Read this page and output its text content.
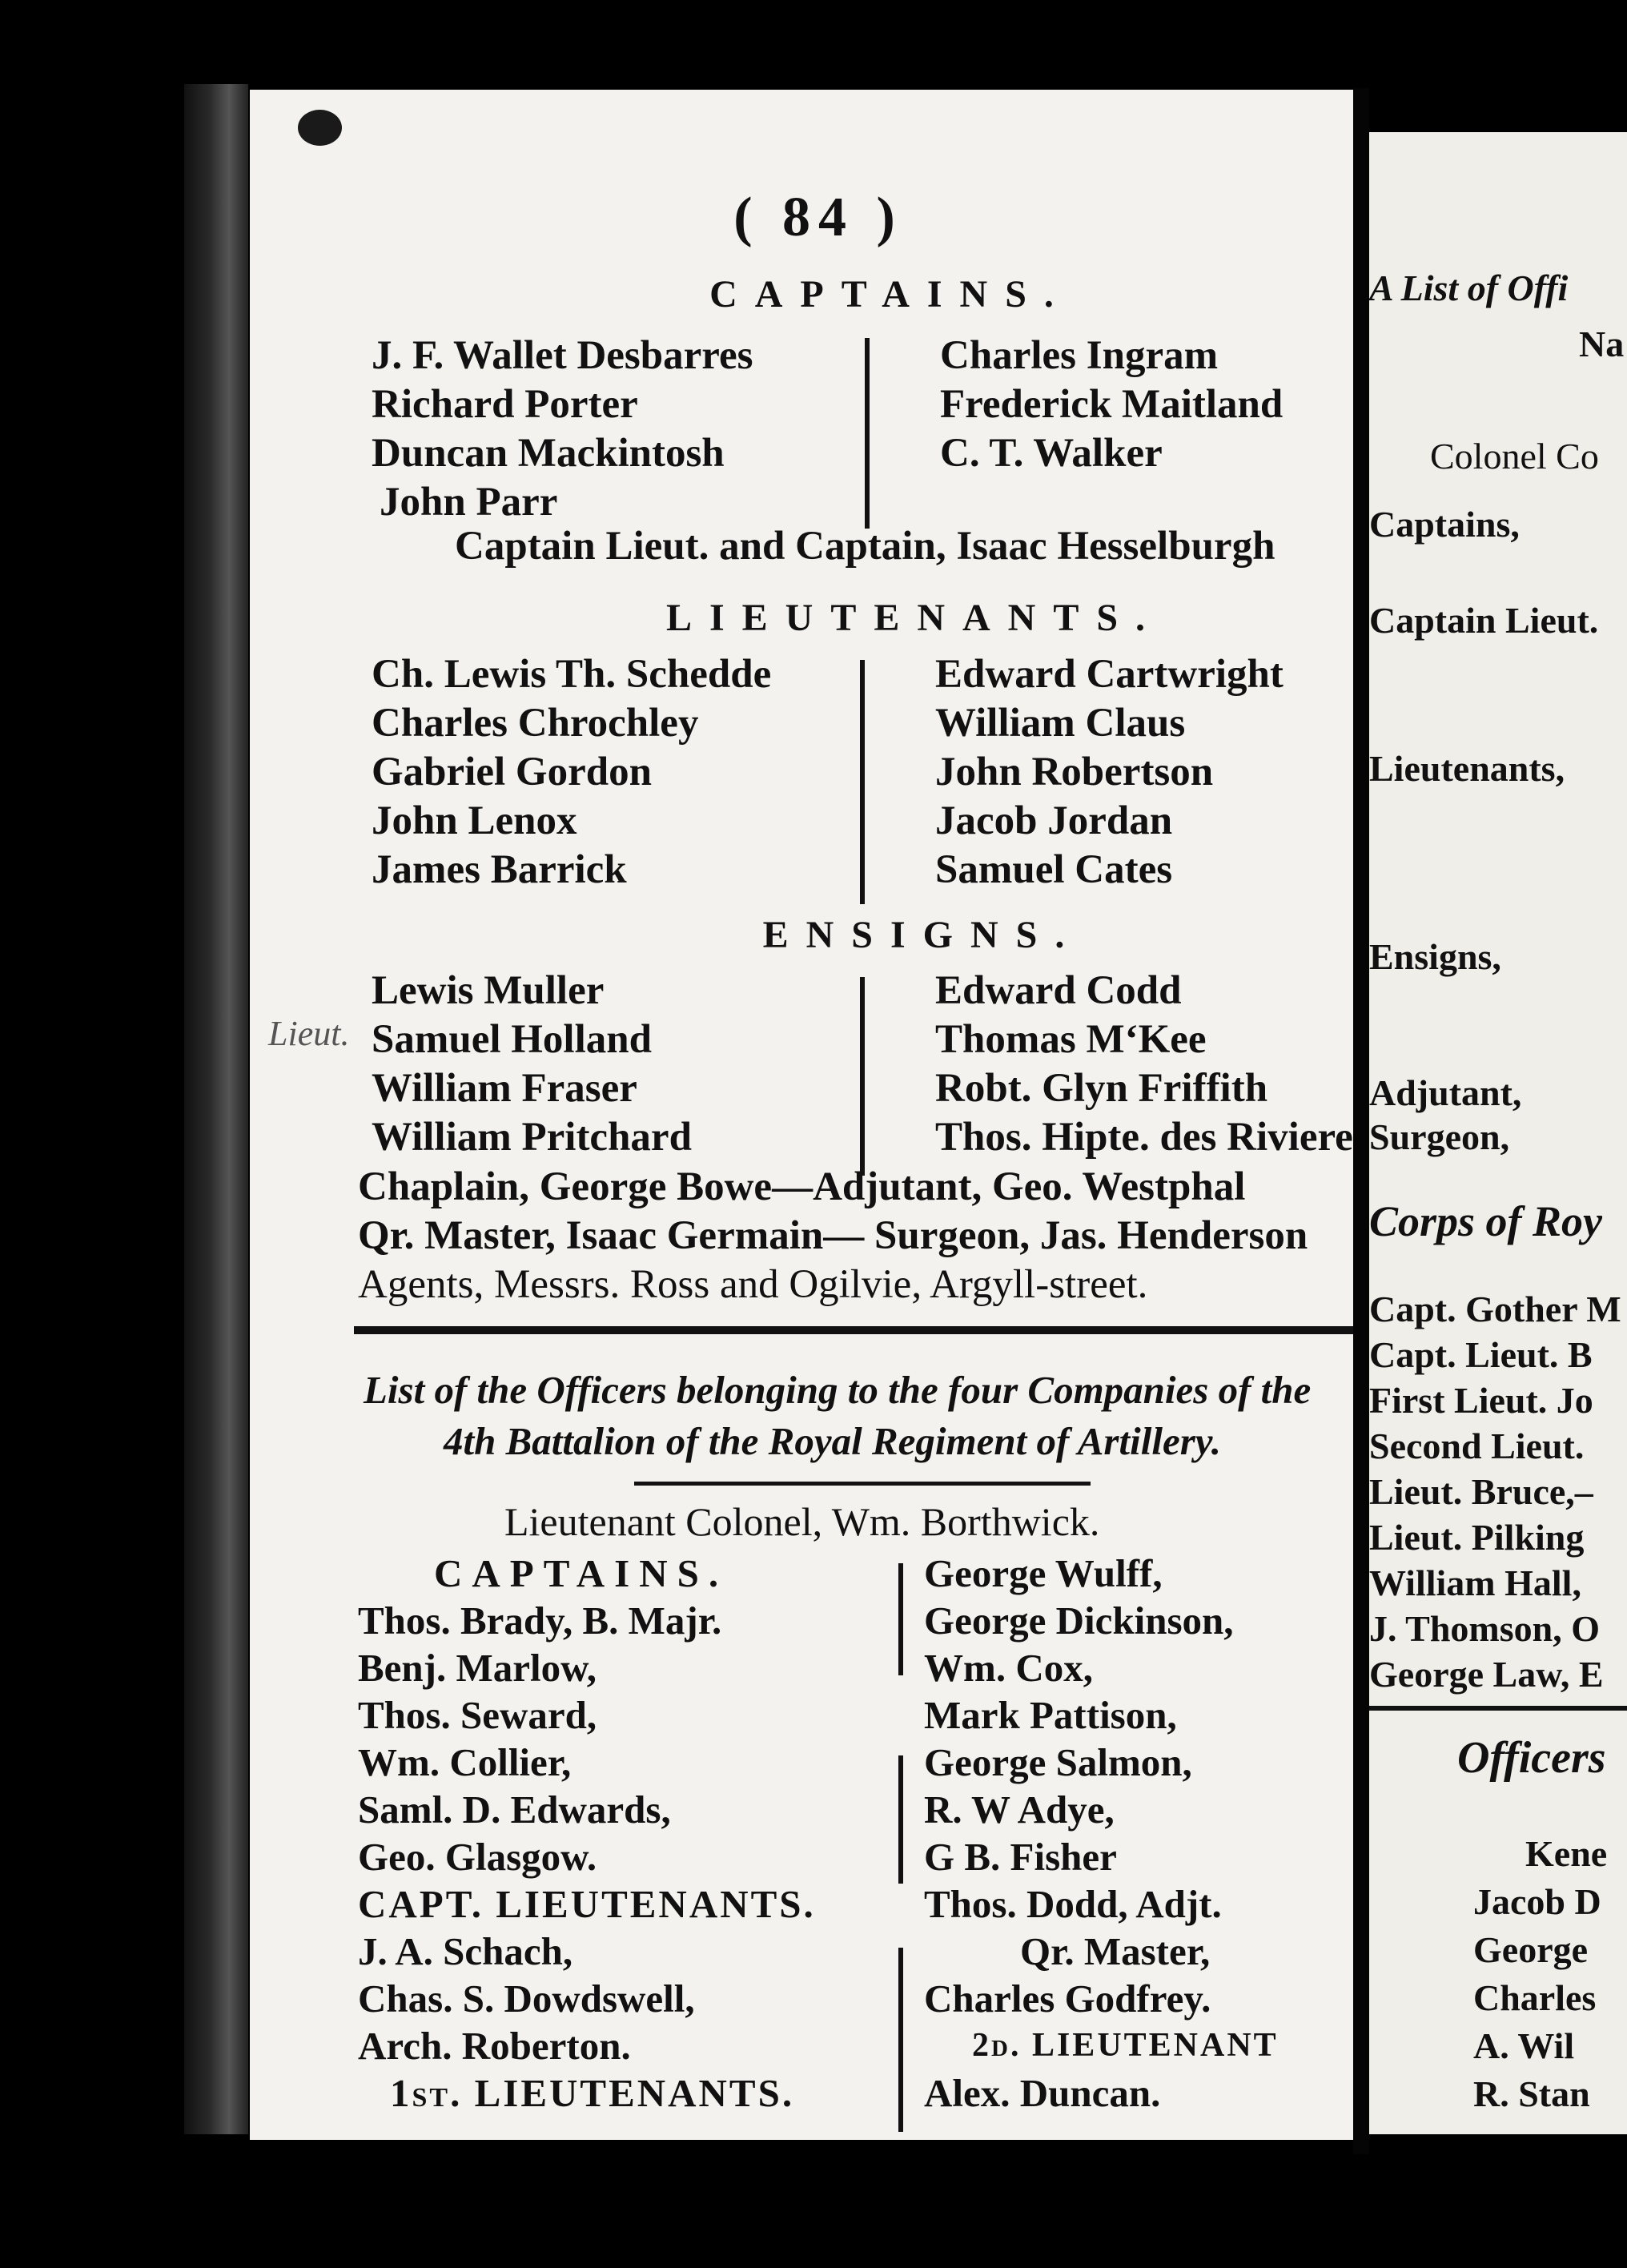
( 84 )
CAPTAINS.
J. F. Wallet Desbarres
Richard Porter
Duncan Mackintosh
John Parr
Charles Ingram
Frederick Maitland
C. T. Walker
Captain Lieut. and Captain, Isaac Hesselburgh
LIEUTENANTS.
Ch. Lewis Th. Schedde
Charles Chrochley
Gabriel Gordon
John Lenox
James Barrick
Edward Cartwright
William Claus
John Robertson
Jacob Jordan
Samuel Cates
ENSIGNS.
Lewis Muller
Samuel Holland
William Fraser
William Pritchard
Edward Codd
Thomas M‘Kee
Robt. Glyn Friffith
Thos. Hipte. des Riviere
Chaplain, George Bowe—Adjutant, Geo. Westphal
Qr. Master, Isaac Germain— Surgeon, Jas. Henderson
Agents, Messrs. Ross and Ogilvie, Argyll-street.
List of the Officers belonging to the four Companies of the
4th Battalion of the Royal Regiment of Artillery.
Lieutenant Colonel, Wm. Borthwick.
CAPTAINS.
Thos. Brady, B. Majr.
Benj. Marlow,
Thos. Seward,
Wm. Collier,
Saml. D. Edwards,
Geo. Glasgow.
CAPT. LIEUTENANTS.
J. A. Schach,
Chas. S. Dowdswell,
Arch. Roberton.
1st. LIEUTENANTS.
George Wulff,
George Dickinson,
Wm. Cox,
Mark Pattison,
George Salmon,
R. W Adye,
G B. Fisher
Thos. Dodd, Adjt.
Qr. Master,
Charles Godfrey.
2d. LIEUTENANT
Alex. Duncan.
Lieut.
A List of Offi
Na
Colonel Co
Captains,
Captain Lieut.
Lieutenants,
Ensigns,
Adjutant,
Surgeon,
Corps of Roy
Capt. Gother M
Capt. Lieut. B
First Lieut. Jo
Second Lieut.
Lieut. Bruce,–
Lieut. Pilking
William Hall,
J. Thomson, O
George Law, E
Officers
Kene
Jacob D
George
Charles
A. Wil
R. Stan
